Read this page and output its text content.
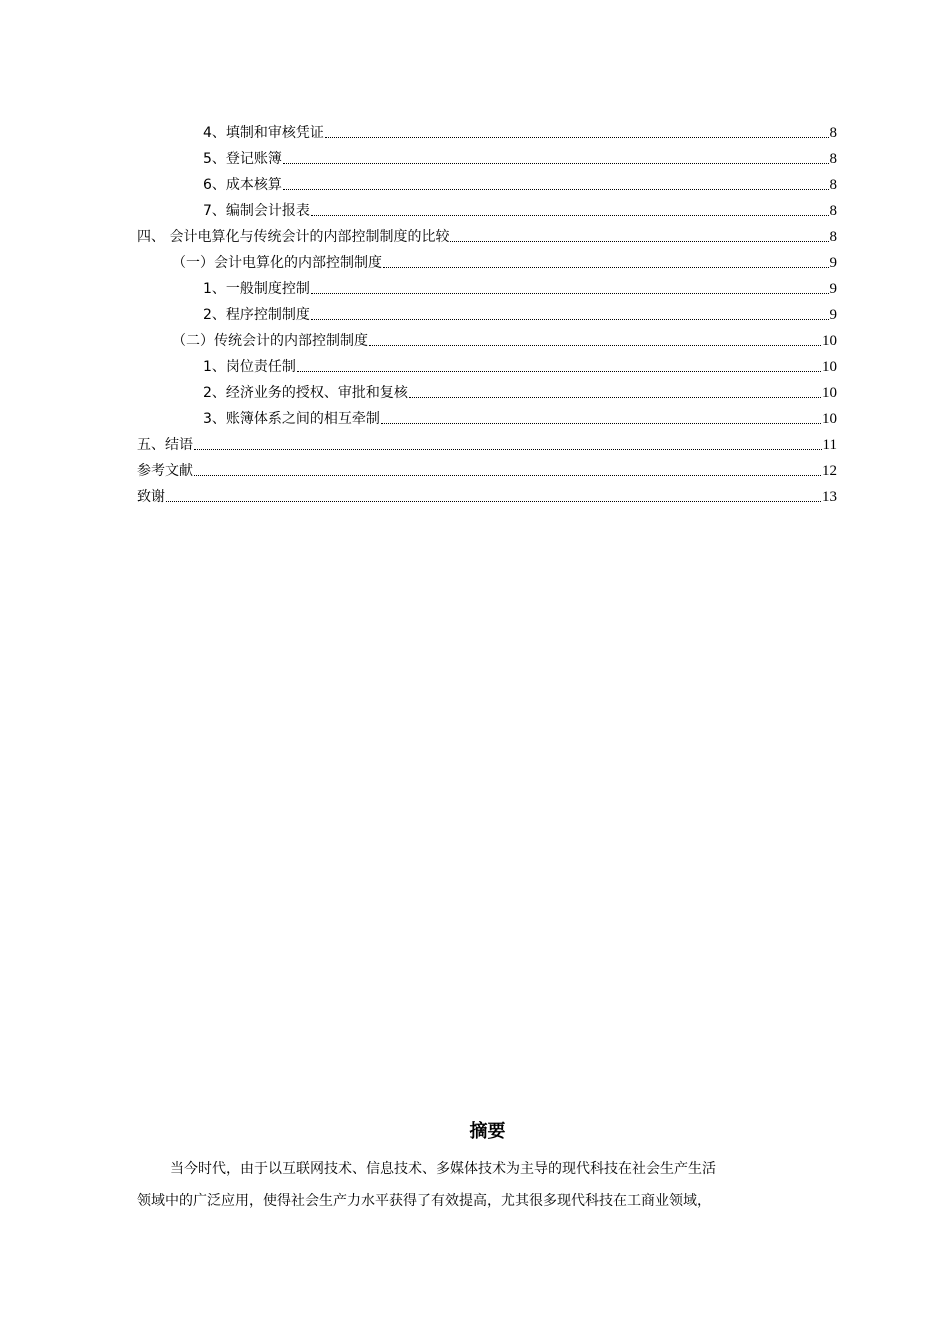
4、填制和审核凭证	8
5、登记账簿	8
6、成本核算	8
7、编制会计报表	8
四、 会计电算化与传统会计的内部控制制度的比较	8
（一）会计电算化的内部控制制度	9
1、一般制度控制	9
2、程序控制制度	9
（二）传统会计的内部控制制度	10
1、岗位责任制	10
2、经济业务的授权、审批和复核	10
3、账簿体系之间的相互牵制	10
五、结语	11
参考文献	12
致谢	13
摘要
当今时代，由于以互联网技术、信息技术、多媒体技术为主导的现代科技在社会生产生活
领域中的广泛应用，使得社会生产力水平获得了有效提高，尤其很多现代科技在工商业领域，
